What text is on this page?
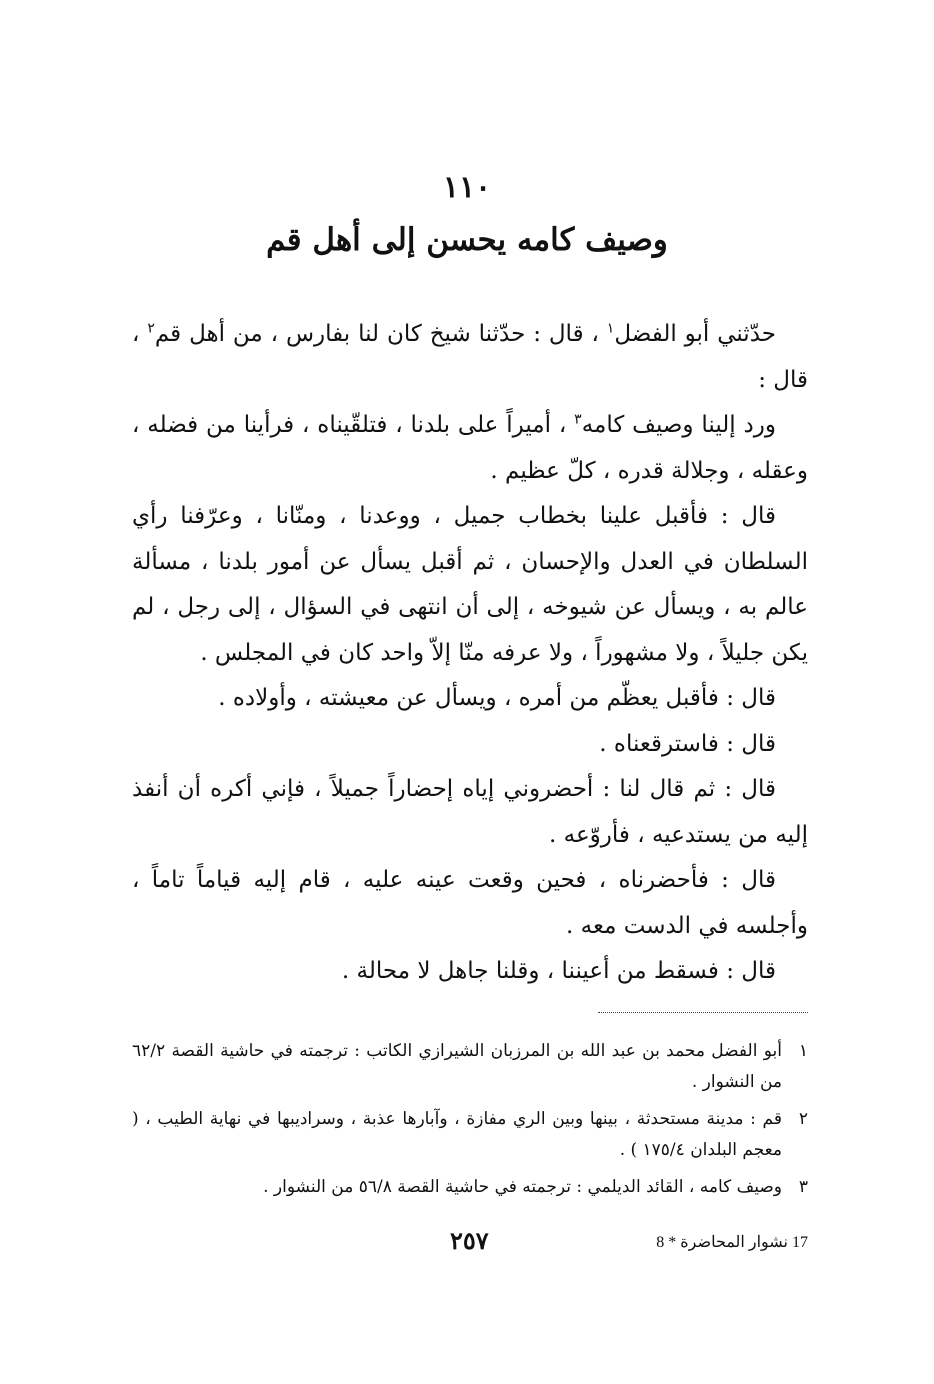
١١٠
وصيف كامه يحسن إلى أهل قم

حدّثني أبو الفضل$^١$ ، قال : حدّثنا شيخ كان لنا بفارس ، من أهل قم$^٢$ ، قال :

ورد إلينا وصيف كامه$^٣$ ، أميراً على بلدنا ، فتلقّيناه ، فرأينا من فضله ، وعقله ، وجلالة قدره ، كلّ عظيم .

قال : فأقبل علينا بخطاب جميل ، ووعدنا ، ومنّانا ، وعرّفنا رأي السلطان في العدل والإحسان ، ثم أقبل يسأل عن أمور بلدنا ، مسألة عالم به ، ويسأل عن شيوخه ، إلى أن انتهى في السؤال ، إلى رجل ، لم يكن جليلاً ، ولا مشهوراً ، ولا عرفه منّا إلاّ واحد كان في المجلس .

قال : فأقبل يعظّم من أمره ، ويسأل عن معيشته ، وأولاده .

قال : فاسترقعناه .

قال : ثم قال لنا : أحضروني إياه إحضاراً جميلاً ، فإني أكره أن أنفذ إليه من يستدعيه ، فأروّعه .

قال : فأحضرناه ، فحين وقعت عينه عليه ، قام إليه قياماً تاماً ، وأجلسه في الدست معه .

قال : فسقط من أعيننا ، وقلنا جاهل لا محالة .

١
أبو الفضل محمد بن عبد الله بن المرزبان الشيرازي الكاتب : ترجمته في حاشية القصة ٦٢/٢ من النشوار .
٢
قم : مدينة مستحدثة ، بينها وبين الري مفازة ، وآبارها عذبة ، وسراديبها في نهاية الطيب ، ( معجم البلدان ١٧٥/٤ ) .
٣
وصيف كامه ، القائد الديلمي : ترجمته في حاشية القصة ٥٦/٨ من النشوار .
17 نشوار المحاضرة * 8
٢٥٧
